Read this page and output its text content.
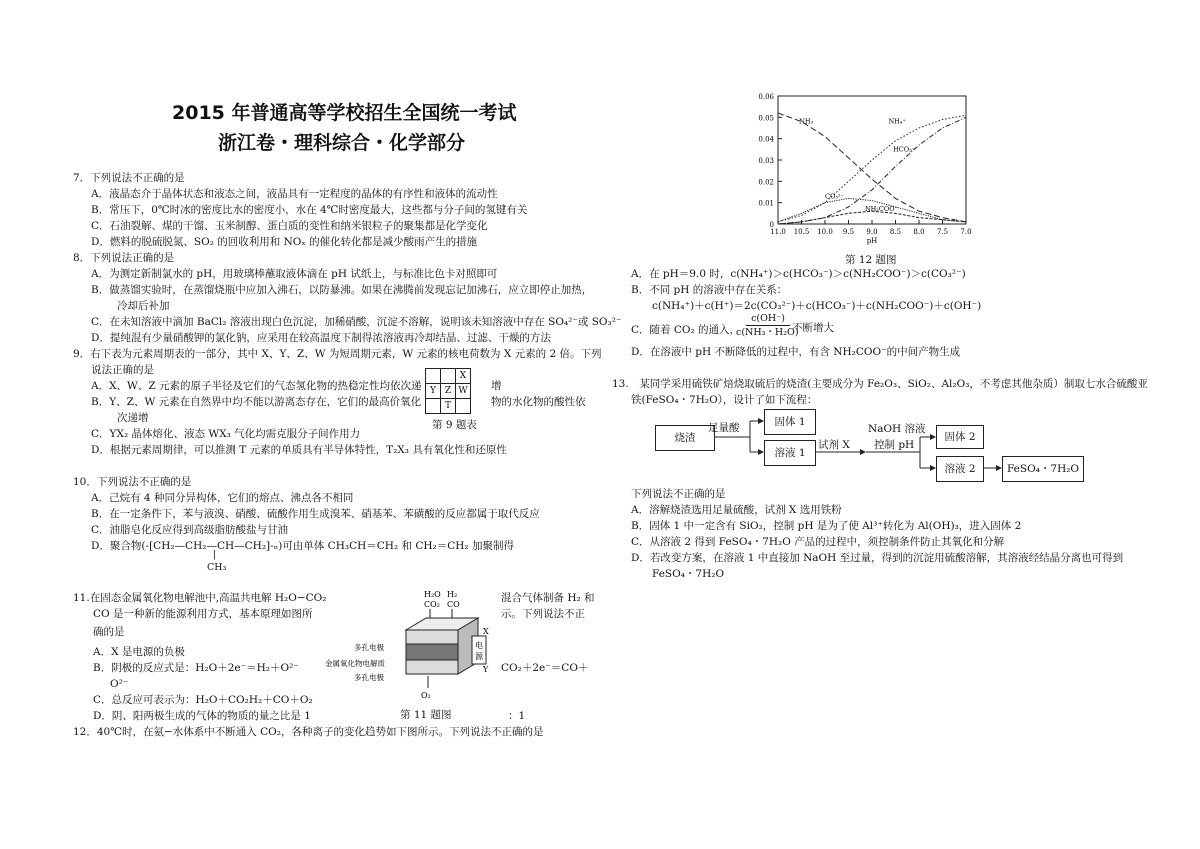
2015 年普通高等学校招生全国统一考试
浙江卷・理科综合・化学部分
7．下列说法不正确的是
A．液晶态介于晶体状态和液态之间，液晶具有一定程度的晶体的有序性和液体的流动性
B．常压下，0℃时冰的密度比水的密度小，水在 4℃时密度最大，这些都与分子间的氢键有关
C．石油裂解、煤的干馏、玉米制醇、蛋白质的变性和纳米银粒子的聚集都是化学变化
D．燃料的脱硫脱氮、SO₂ 的回收利用和 NOₓ 的催化转化都是减少酸雨产生的措施
8．下列说法正确的是
A．为测定新制氯水的 pH，用玻璃棒蘸取液体滴在 pH 试纸上，与标准比色卡对照即可
B．做蒸馏实验时，在蒸馏烧瓶中应加入沸石，以防暴沸。如果在沸腾前发现忘记加沸石，应立即停止加热，
冷却后补加
C．在未知溶液中滴加 BaCl₂ 溶液出现白色沉淀，加稀硝酸，沉淀不溶解，说明该未知溶液中存在 SO₄²⁻或 SO₃²⁻
D．提纯混有少量硝酸钾的氯化钠，应采用在较高温度下制得浓溶液再冷却结晶、过滤、干燥的方法
9．右下表为元素周期表的一部分，其中 X、Y、Z、W 为短周期元素，W 元素的核电荷数为 X 元素的 2 倍。下列
说法正确的是
A．X、W、Z 元素的原子半径及它们的气态氢化物的热稳定性均依次递	增
B．Y、Z、W 元素在自然界中均不能以游离态存在，它们的最高价氧化	物的水化物的酸性依
次递增
C．YX₂ 晶体熔化、液态 WX₃ 气化均需克服分子间作用力
D．根据元素周期律，可以推测 T 元素的单质具有半导体特性，T₂X₃ 具有氧化性和还原性
		X
Y	Z	W
	T	
第 9 题表
10．下列说法不正确的是
A．己烷有 4 种同分异构体，它们的熔点、沸点各不相同
B．在一定条件下，苯与液溴、硝酸、硫酸作用生成溴苯、硝基苯、苯磺酸的反应都属于取代反应
C．油脂皂化反应得到高级脂肪酸盐与甘油
D．聚合物(-[CH₂—CH₂—CH—CH₂]-ₙ)可由单体 CH₃CH＝CH₂ 和 CH₂＝CH₂ 加聚制得
|
CH₃
11.在固态金属氧化物电解池中,高温共电解 H₂O−CO₂	混合气体制备 H₂ 和
CO 是一种新的能源利用方式，基本原理如图所	示。下列说法不正
确的是
A．X 是电源的负极
B．阴极的反应式是：H₂O＋2e⁻＝H₂＋O²⁻	CO₂＋2e⁻＝CO＋
O²⁻
C．总反应可表示为：H₂O＋CO₂H₂＋CO＋O₂
D．阴、阳两极生成的气体的物质的量之比是 1	：1
H₂O
CO₂
H₂
CO
多孔电极
金属氧化物电解质
多孔电极
电
源
X
Y
O₂
第 11 题图
12．40℃时，在氨−水体系中不断通入 CO₂，各种离子的变化趋势如下图所示。下列说法不正确的是
0
0.01
0.02
0.03
0.04
0.05
0.06
11.0 10.5 10.0 9.5 9.0 8.5 8.0 7.5 7.0
pH
NH₃	NH₄⁺
HCO₃⁻
CO₃²⁻
NH₂COO⁻
第 12 题图
A．在 pH＝9.0 时，c(NH₄⁺)＞c(HCO₃⁻)＞c(NH₂COO⁻)＞c(CO₃²⁻)
B．不同 pH 的溶液中存在关系：
c(NH₄⁺)＋c(H⁺)＝2c(CO₃²⁻)＋c(HCO₃⁻)＋c(NH₂COO⁻)＋c(OH⁻)
C．随着 CO₂ 的通入，
c(OH⁻)
c(NH₃・H₂O)
不断增大
D．在溶液中 pH 不断降低的过程中，有含 NH₂COO⁻的中间产物生成
13.　某同学采用硫铁矿焙烧取硫后的烧渣(主要成分为 Fe₂O₃、SiO₂、Al₂O₃，不考虑其他杂质）制取七水合硫酸亚
铁(FeSO₄・7H₂O），设计了如下流程：
烧渣
固体 1
溶液 1
固体 2
溶液 2	FeSO₄・7H₂O
足量酸
试剂 X
NaOH 溶液
控制 pH
下列说法不正确的是
A．溶解烧渣选用足量硫酸，试剂 X 选用铁粉
B．固体 1 中一定含有 SiO₂，控制 pH 是为了使 Al³⁺转化为 Al(OH)₃，进入固体 2
C．从溶液 2 得到 FeSO₄・7H₂O 产品的过程中，须控制条件防止其氧化和分解
D．若改变方案，在溶液 1 中直接加 NaOH 至过量，得到的沉淀用硫酸溶解，其溶液经结晶分离也可得到
FeSO₄・7H₂O
